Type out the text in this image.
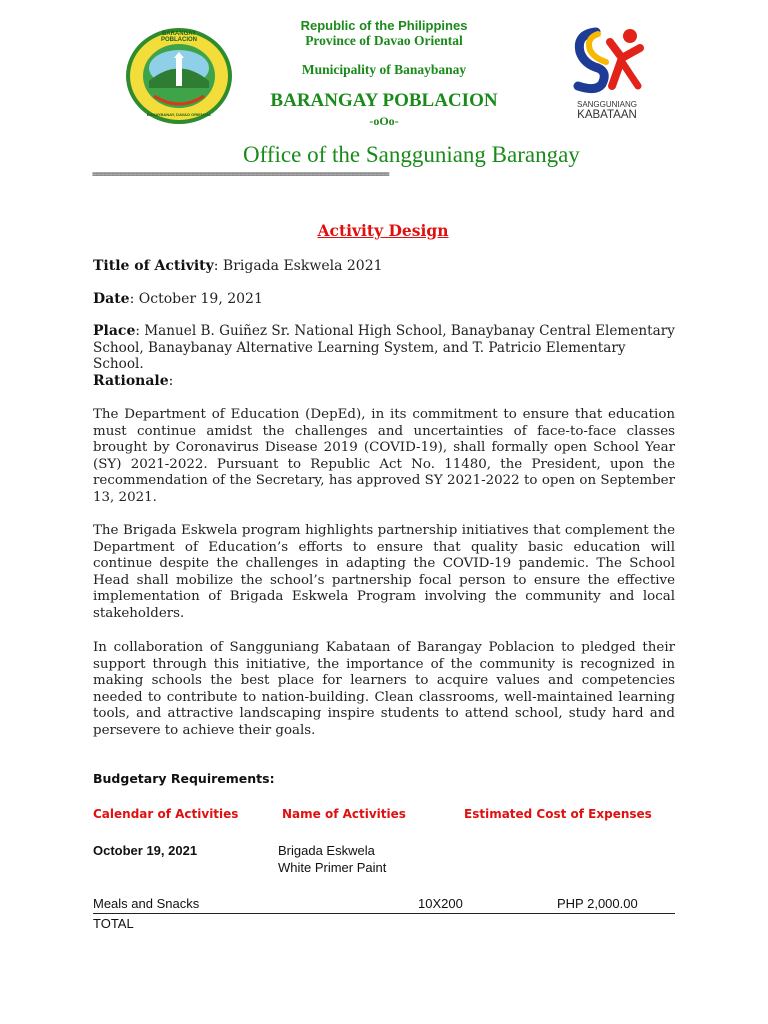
BARANGAY POBLACION
BANAYBANAY, DAVAO ORIENTAL
Republic of the Philippines
Province of Davao Oriental
Municipality of Banaybanay
BARANGAY POBLACION
-oOo-
SANGGUNIANG
KABATAAN
Office of the Sangguniang Barangay
==========================================================================
Activity Design
Title of Activity: Brigada Eskwela 2021
Date: October 19, 2021
Place: Manuel B. Guiñez Sr. National High School, Banaybanay Central Elementary School, Banaybanay Alternative Learning System, and T. Patricio Elementary School.
Rationale:
The Department of Education (DepEd), in its commitment to ensure that education must continue amidst the challenges and uncertainties of face-to-face classes brought by Coronavirus Disease 2019 (COVID-19), shall formally open School Year (SY) 2021-2022. Pursuant to Republic Act No. 11480, the President, upon the recommendation of the Secretary, has approved SY 2021-2022 to open on September 13, 2021.
The Brigada Eskwela program highlights partnership initiatives that complement the Department of Education’s efforts to ensure that quality basic education will continue despite the challenges in adapting the COVID-19 pandemic. The School Head shall mobilize the school’s partnership focal person to ensure the effective implementation of Brigada Eskwela Program involving the community and local stakeholders.
In collaboration of Sangguniang Kabataan of Barangay Poblacion to pledged their support through this initiative, the importance of the community is recognized in making schools the best place for learners to acquire values and competencies needed to contribute to nation-building. Clean classrooms, well-maintained learning tools, and attractive landscaping inspire students to attend school, study hard and persevere to achieve their goals.
Budgetary Requirements:
Calendar of Activities	Name of Activities	Estimated Cost of Expenses
October 19, 2021	Brigada Eskwela
White Primer Paint
Meals and Snacks	10X200	PHP 2,000.00
TOTAL
